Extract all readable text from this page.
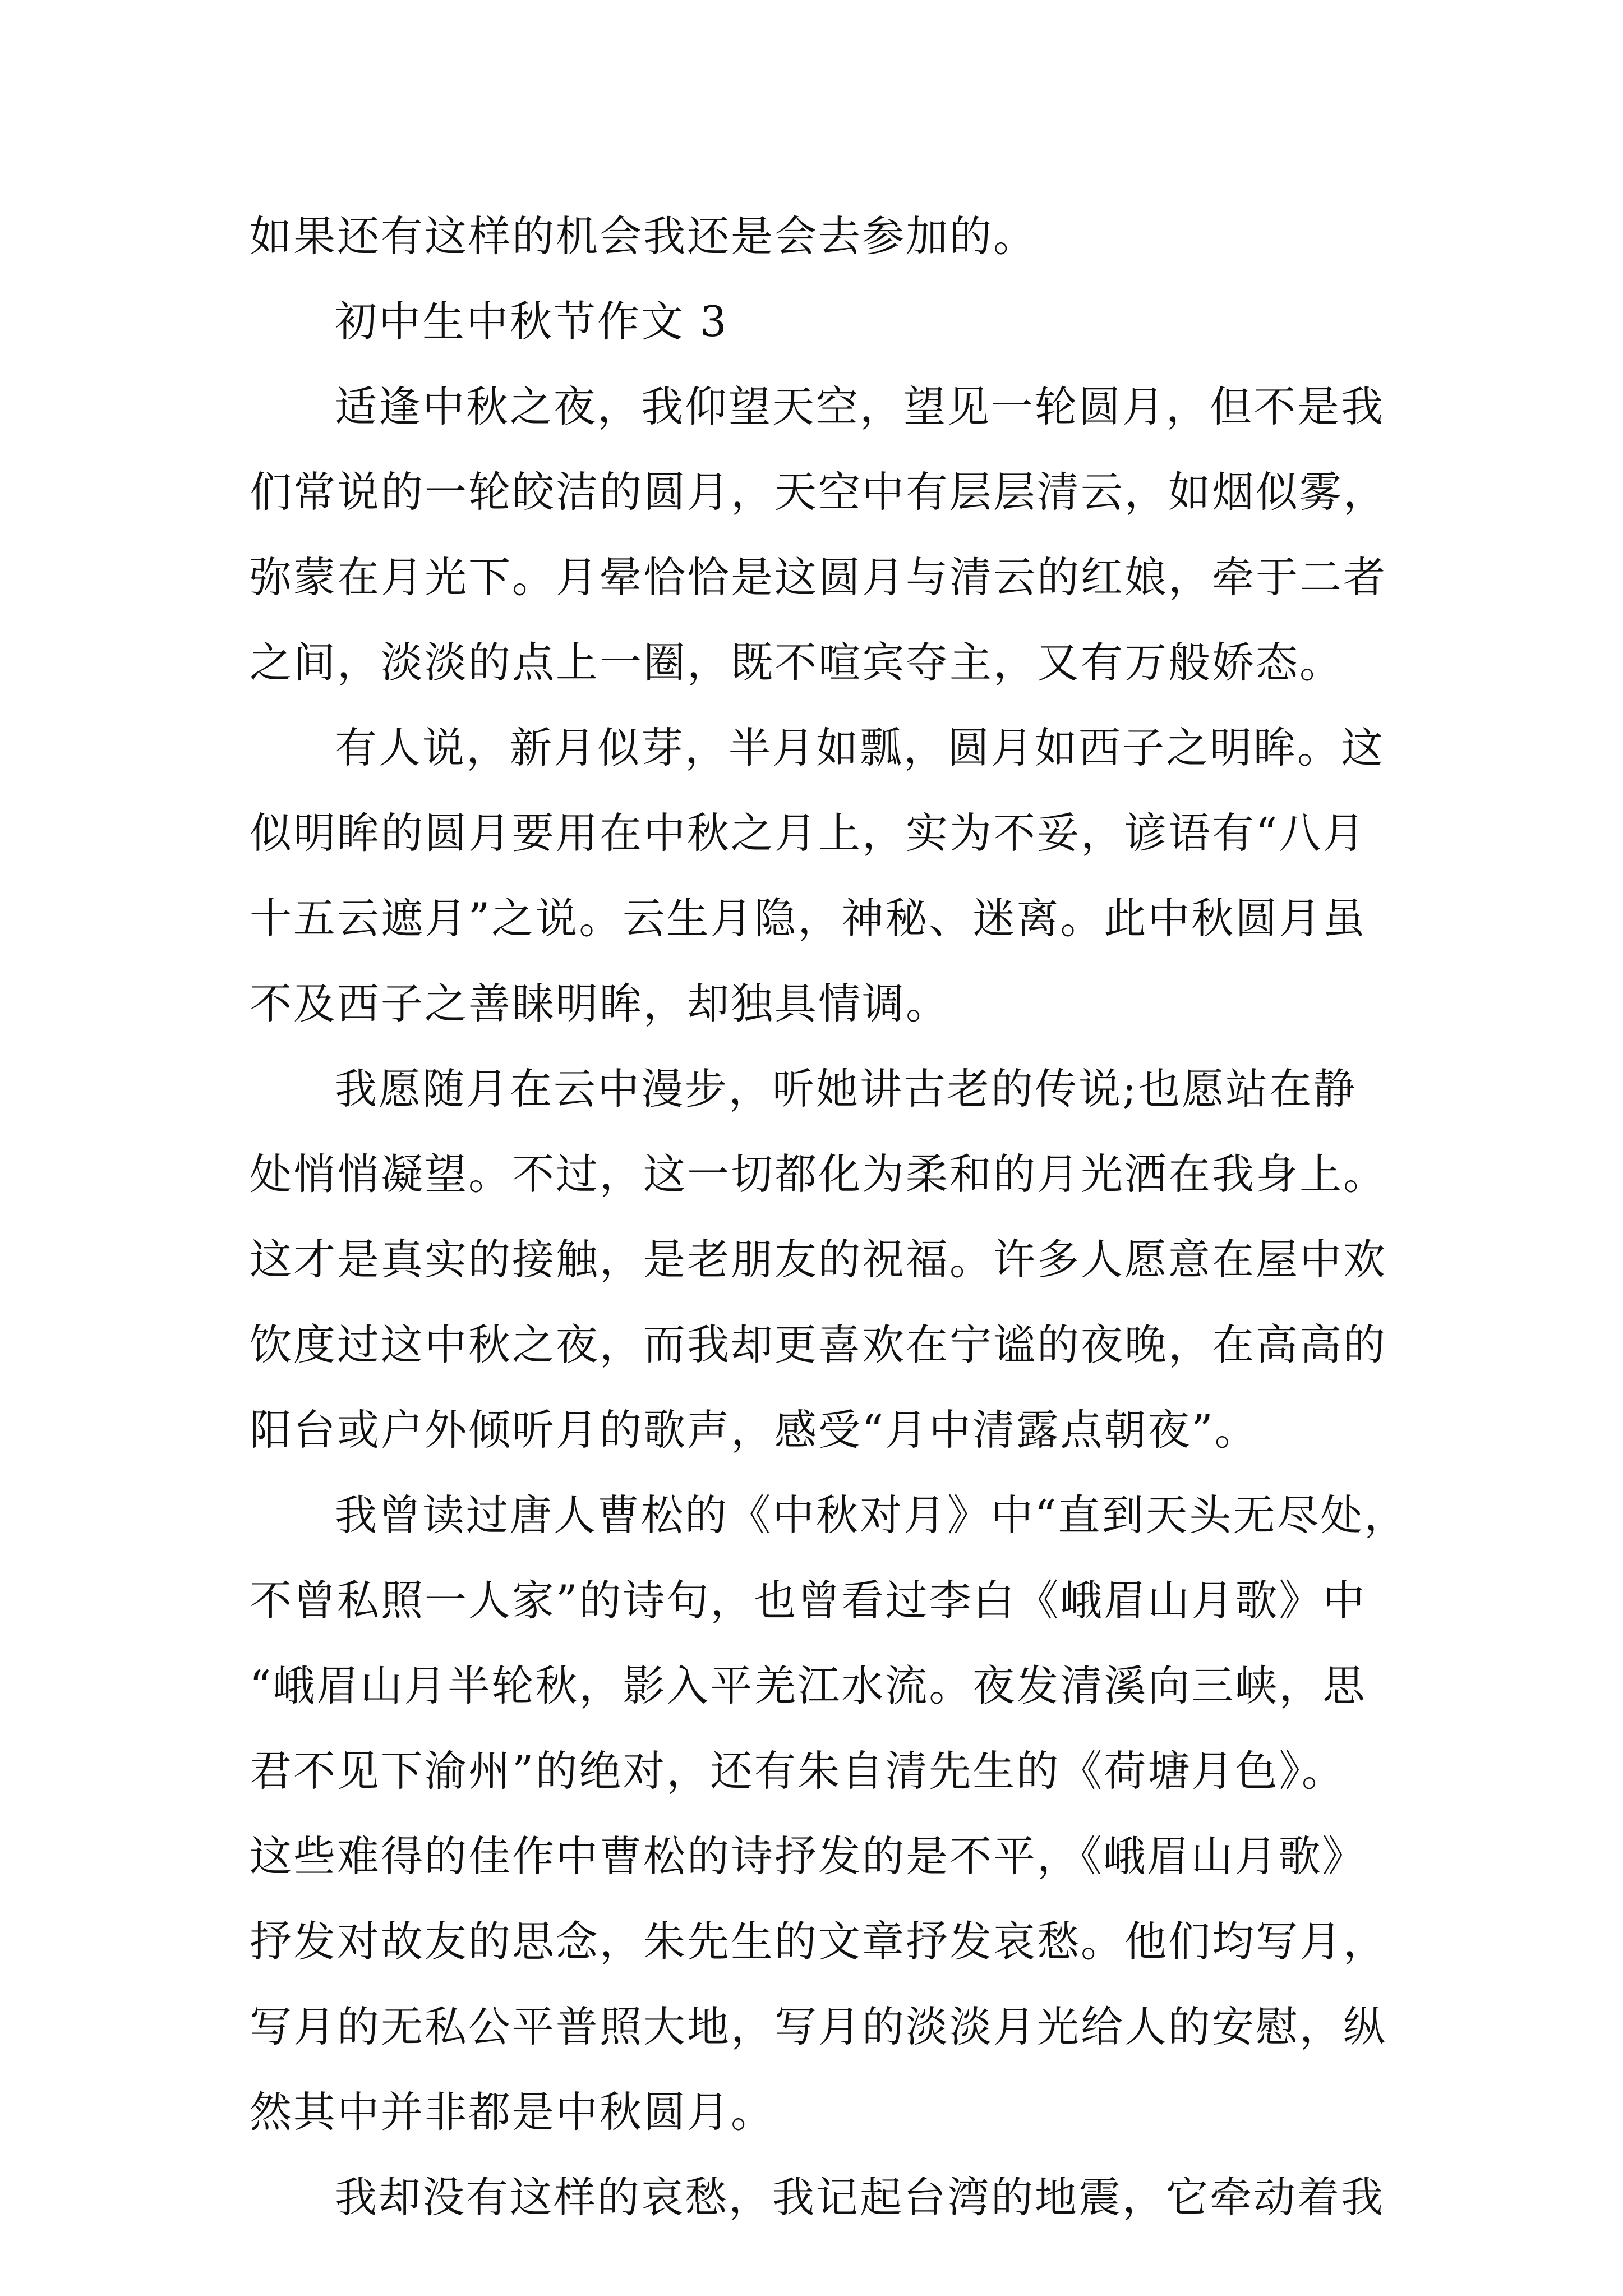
如果还有这样的机会我还是会去参加的。
初中生中秋节作文 3
适逢中秋之夜，我仰望天空，望见一轮圆月，但不是我
们常说的一轮皎洁的圆月，天空中有层层清云，如烟似雾，
弥蒙在月光下。月晕恰恰是这圆月与清云的红娘，牵于二者
之间，淡淡的点上一圈，既不喧宾夺主，又有万般娇态。
有人说，新月似芽，半月如瓢，圆月如西子之明眸。这
似明眸的圆月要用在中秋之月上，实为不妥，谚语有“八月
十五云遮月”之说。云生月隐，神秘、迷离。此中秋圆月虽
不及西子之善睐明眸，却独具情调。
我愿随月在云中漫步，听她讲古老的传说;也愿站在静
处悄悄凝望。不过，这一切都化为柔和的月光洒在我身上。
这才是真实的接触，是老朋友的祝福。许多人愿意在屋中欢
饮度过这中秋之夜，而我却更喜欢在宁谧的夜晚，在高高的
阳台或户外倾听月的歌声，感受“月中清露点朝夜”。
我曾读过唐人曹松的《中秋对月》中“直到天头无尽处，
不曾私照一人家”的诗句，也曾看过李白《峨眉山月歌》中
“峨眉山月半轮秋，影入平羌江水流。夜发清溪向三峡，思
君不见下渝州”的绝对，还有朱自清先生的《荷塘月色》。
这些难得的佳作中曹松的诗抒发的是不平，《峨眉山月歌》
抒发对故友的思念，朱先生的文章抒发哀愁。他们均写月，
写月的无私公平普照大地，写月的淡淡月光给人的安慰，纵
然其中并非都是中秋圆月。
我却没有这样的哀愁，我记起台湾的地震，它牵动着我
